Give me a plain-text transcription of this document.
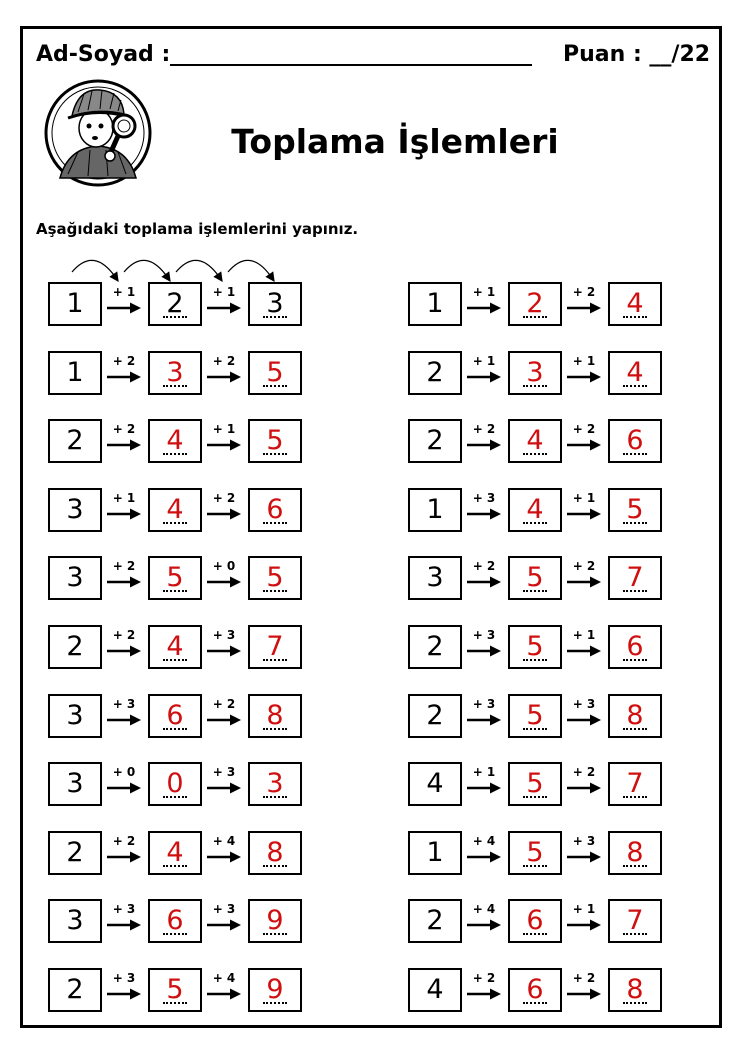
Ad-Soyad :	Puan : __/22
Toplama İşlemleri
Aşağıdaki toplama işlemlerini yapınız.
1	+ 1	2	+ 1	3
1	+ 2	3	+ 2	5
2	+ 2	4	+ 1	5
3	+ 1	4	+ 2	6
3	+ 2	5	+ 0	5
2	+ 2	4	+ 3	7
3	+ 3	6	+ 2	8
3	+ 0	0	+ 3	3
2	+ 2	4	+ 4	8
3	+ 3	6	+ 3	9
2	+ 3	5	+ 4	9
1	+ 1	2	+ 2	4
2	+ 1	3	+ 1	4
2	+ 2	4	+ 2	6
1	+ 3	4	+ 1	5
3	+ 2	5	+ 2	7
2	+ 3	5	+ 1	6
2	+ 3	5	+ 3	8
4	+ 1	5	+ 2	7
1	+ 4	5	+ 3	8
2	+ 4	6	+ 1	7
4	+ 2	6	+ 2	8
